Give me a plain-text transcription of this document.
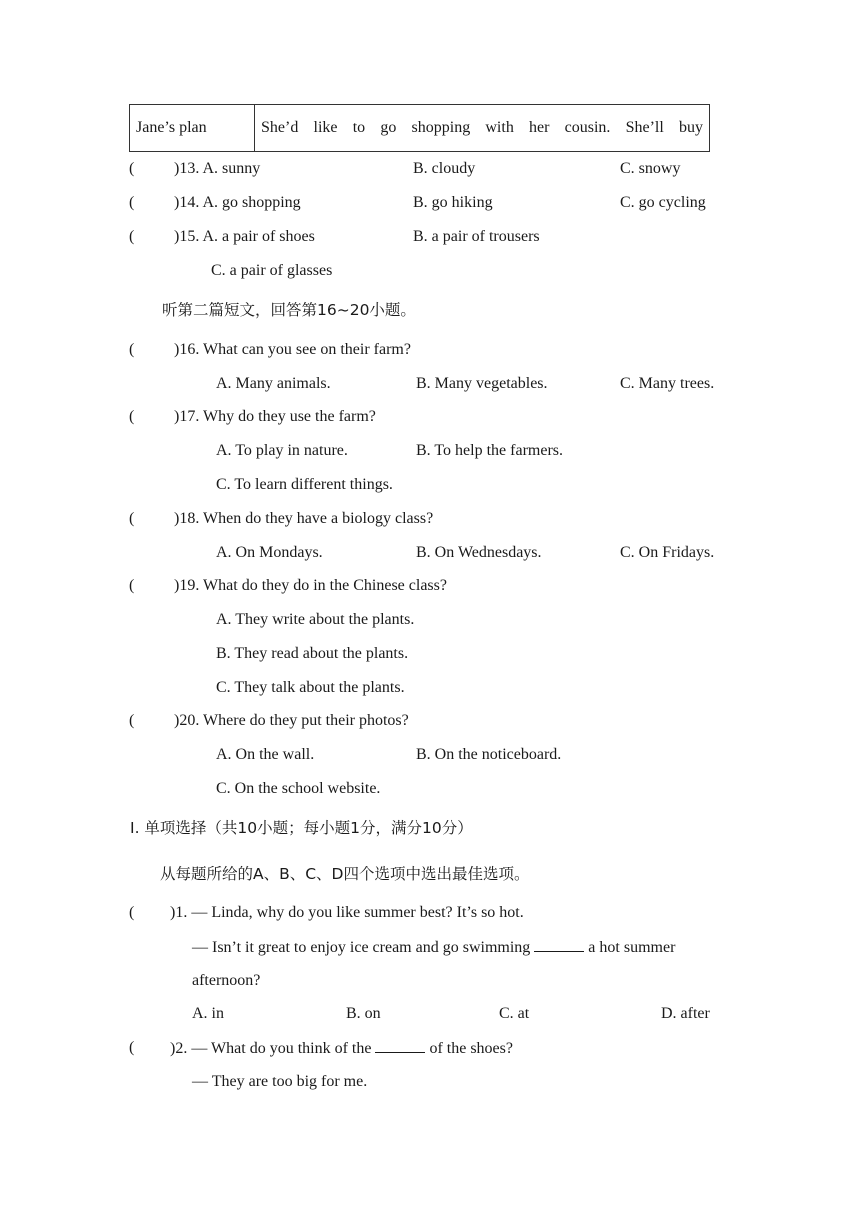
Jane’s plan	She’d like to go shopping with her cousin. She’ll buy
( )13. A. sunny	B. cloudy	C. snowy
( )14. A. go shopping	B. go hiking	C. go cycling
( )15. A. a pair of shoes	B. a pair of trousers
C. a pair of glasses
听第二篇短文，回答第16~20小题。
( )16. What can you see on their farm?
A. Many animals.	B. Many vegetables.	C. Many trees.
( )17. Why do they use the farm?
A. To play in nature.	B. To help the farmers.
C. To learn different things.
( )18. When do they have a biology class?
A. On Mondays.	B. On Wednesdays.	C. On Fridays.
( )19. What do they do in the Chinese class?
A. They write about the plants.
B. They read about the plants.
C. They talk about the plants.
( )20. Where do they put their photos?
A. On the wall.	B. On the noticeboard.
C. On the school website.
I. 单项选择（共10小题；每小题1分，满分10分）
从每题所给的A、B、C、D四个选项中选出最佳选项。
( )1. — Linda, why do you like summer best? It’s so hot.
— Isn’t it great to enjoy ice cream and go swimming	a hot summer
afternoon?
A. in	B. on	C. at	D. after
( )2. — What do you think of the	of the shoes?
— They are too big for me.
